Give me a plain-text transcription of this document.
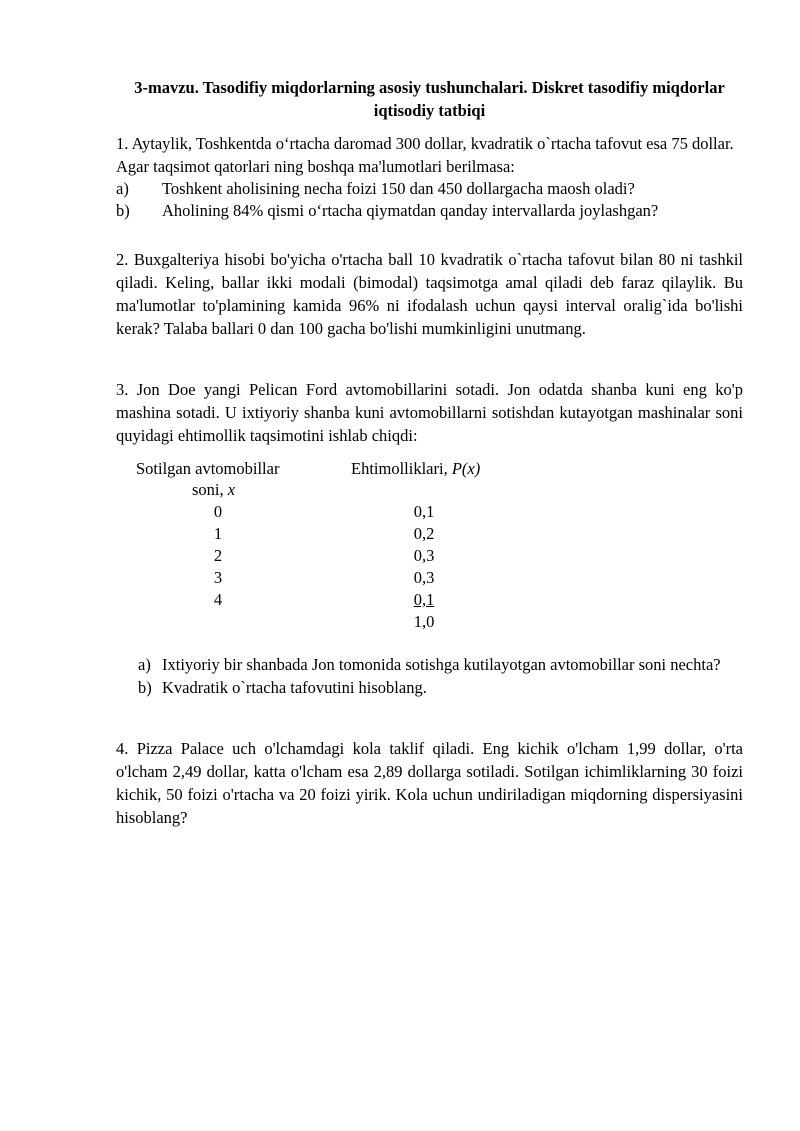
3-mavzu. Tasodifiy miqdorlarning asosiy tushunchalari. Diskret tasodifiy miqdorlar iqtisodiy tatbiqi

1. Aytaylik, Toshkentda oʻrtacha daromad 300 dollar, kvadratik o`rtacha tafovut esa 75 dollar. Agar taqsimot qatorlari ning boshqa ma'lumotlari berilmasa:

a)	Toshkent aholisining necha foizi 150 dan 450 dollargacha maosh oladi?
b)	Aholining 84% qismi oʻrtacha qiymatdan qanday intervallarda joylashgan?

2. Buxgalteriya hisobi bo'yicha o'rtacha ball 10 kvadratik o`rtacha tafovut bilan 80 ni tashkil qiladi. Keling, ballar ikki modali (bimodal) taqsimotga amal qiladi deb faraz qilaylik. Bu ma'lumotlar to'plamining kamida 96% ni ifodalash uchun qaysi interval oralig`ida bo'lishi kerak? Talaba ballari 0 dan 100 gacha bo'lishi mumkinligini unutmang.

3. Jon Doe yangi Pelican Ford avtomobillarini sotadi. Jon odatda shanba kuni eng ko'p mashina sotadi. U ixtiyoriy shanba kuni avtomobillarni sotishdan kutayotgan mashinalar soni quyidagi ehtimollik taqsimotini ishlab chiqdi:

Sotilgan avtomobillar
soni, x
Ehtimolliklari, P(x)
0
1
2
3
4
0,1
0,2
0,3
0,3
0,1
1,0
a) Ixtiyoriy bir shanbada Jon tomonida sotishga kutilayotgan avtomobillar soni nechta?
b) Kvadratik o`rtacha tafovutini hisoblang.

4. Pizza Palace uch o'lchamdagi kola taklif qiladi. Eng kichik o'lcham 1,99 dollar, o'rta o'lcham 2,49 dollar, katta o'lcham esa 2,89 dollarga sotiladi. Sotilgan ichimliklarning 30 foizi kichik, 50 foizi o'rtacha va 20 foizi yirik. Kola uchun undiriladigan miqdorning dispersiyasini hisoblang?
